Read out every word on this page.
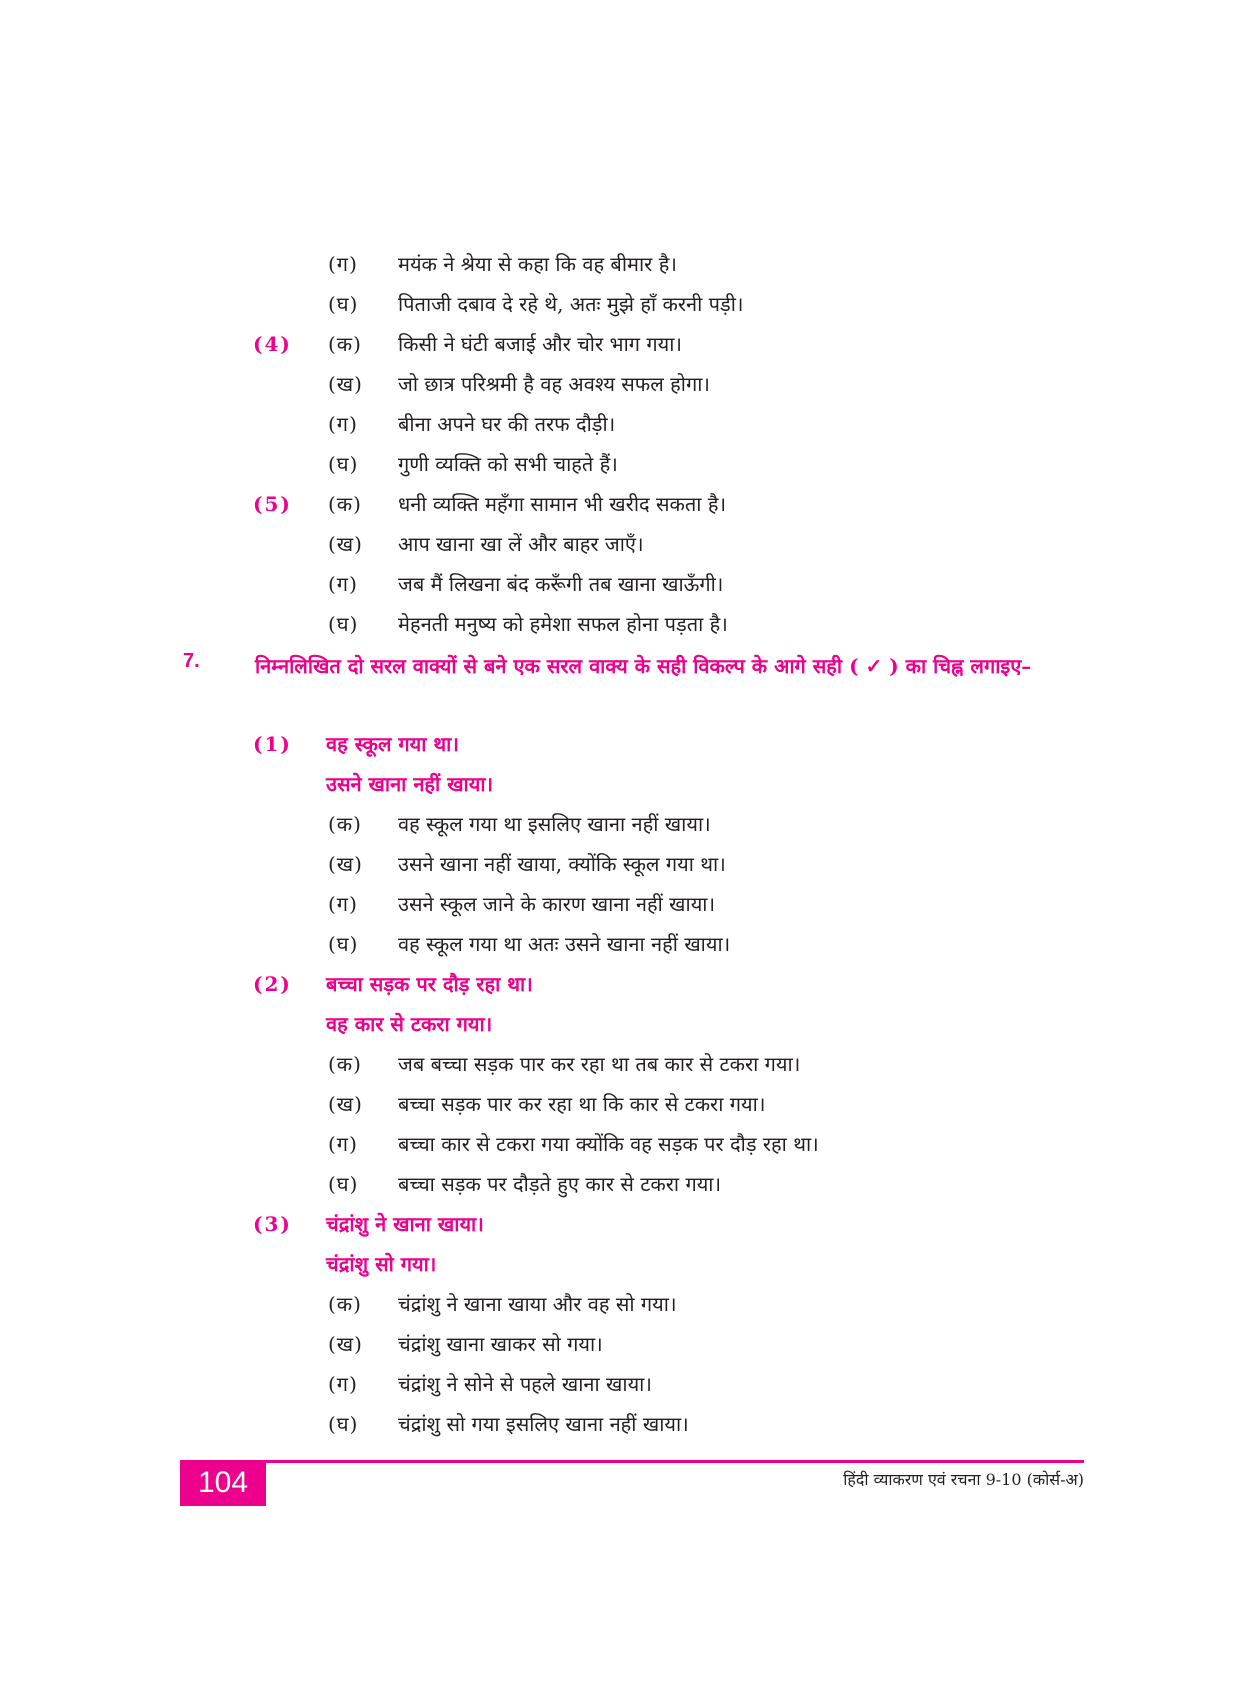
(ग) मयंक ने श्रेया से कहा कि वह बीमार है।
(घ) पिताजी दबाव दे रहे थे, अतः मुझे हाँ करनी पड़ी।
(4) (क) किसी ने घंटी बजाई और चोर भाग गया।
(ख) जो छात्र परिश्रमी है वह अवश्य सफल होगा।
(ग) बीना अपने घर की तरफ दौड़ी।
(घ) गुणी व्यक्ति को सभी चाहते हैं।
(5) (क) धनी व्यक्ति महँगा सामान भी खरीद सकता है।
(ख) आप खाना खा लें और बाहर जाएँ।
(ग) जब मैं लिखना बंद करूँगी तब खाना खाऊँगी।
(घ) मेहनती मनुष्य को हमेशा सफल होना पड़ता है।
7.	निम्नलिखित दो सरल वाक्यों से बने एक सरल वाक्य के सही विकल्प के आगे सही ( ✓ ) का चिह्न लगाइए–
(1) वह स्कूल गया था।
उसने खाना नहीं खाया।
(क) वह स्कूल गया था इसलिए खाना नहीं खाया।
(ख) उसने खाना नहीं खाया, क्योंकि स्कूल गया था।
(ग) उसने स्कूल जाने के कारण खाना नहीं खाया।
(घ) वह स्कूल गया था अतः उसने खाना नहीं खाया।
(2) बच्चा सड़क पर दौड़ रहा था।
वह कार से टकरा गया।
(क) जब बच्चा सड़क पार कर रहा था तब कार से टकरा गया।
(ख) बच्चा सड़क पार कर रहा था कि कार से टकरा गया।
(ग) बच्चा कार से टकरा गया क्योंकि वह सड़क पर दौड़ रहा था।
(घ) बच्चा सड़क पर दौड़ते हुए कार से टकरा गया।
(3) चंद्रांशु ने खाना खाया।
चंद्रांशु सो गया।
(क) चंद्रांशु ने खाना खाया और वह सो गया।
(ख) चंद्रांशु खाना खाकर सो गया।
(ग) चंद्रांशु ने सोने से पहले खाना खाया।
(घ) चंद्रांशु सो गया इसलिए खाना नहीं खाया।
104	हिंदी व्याकरण एवं रचना 9-10 (कोर्स-अ)
